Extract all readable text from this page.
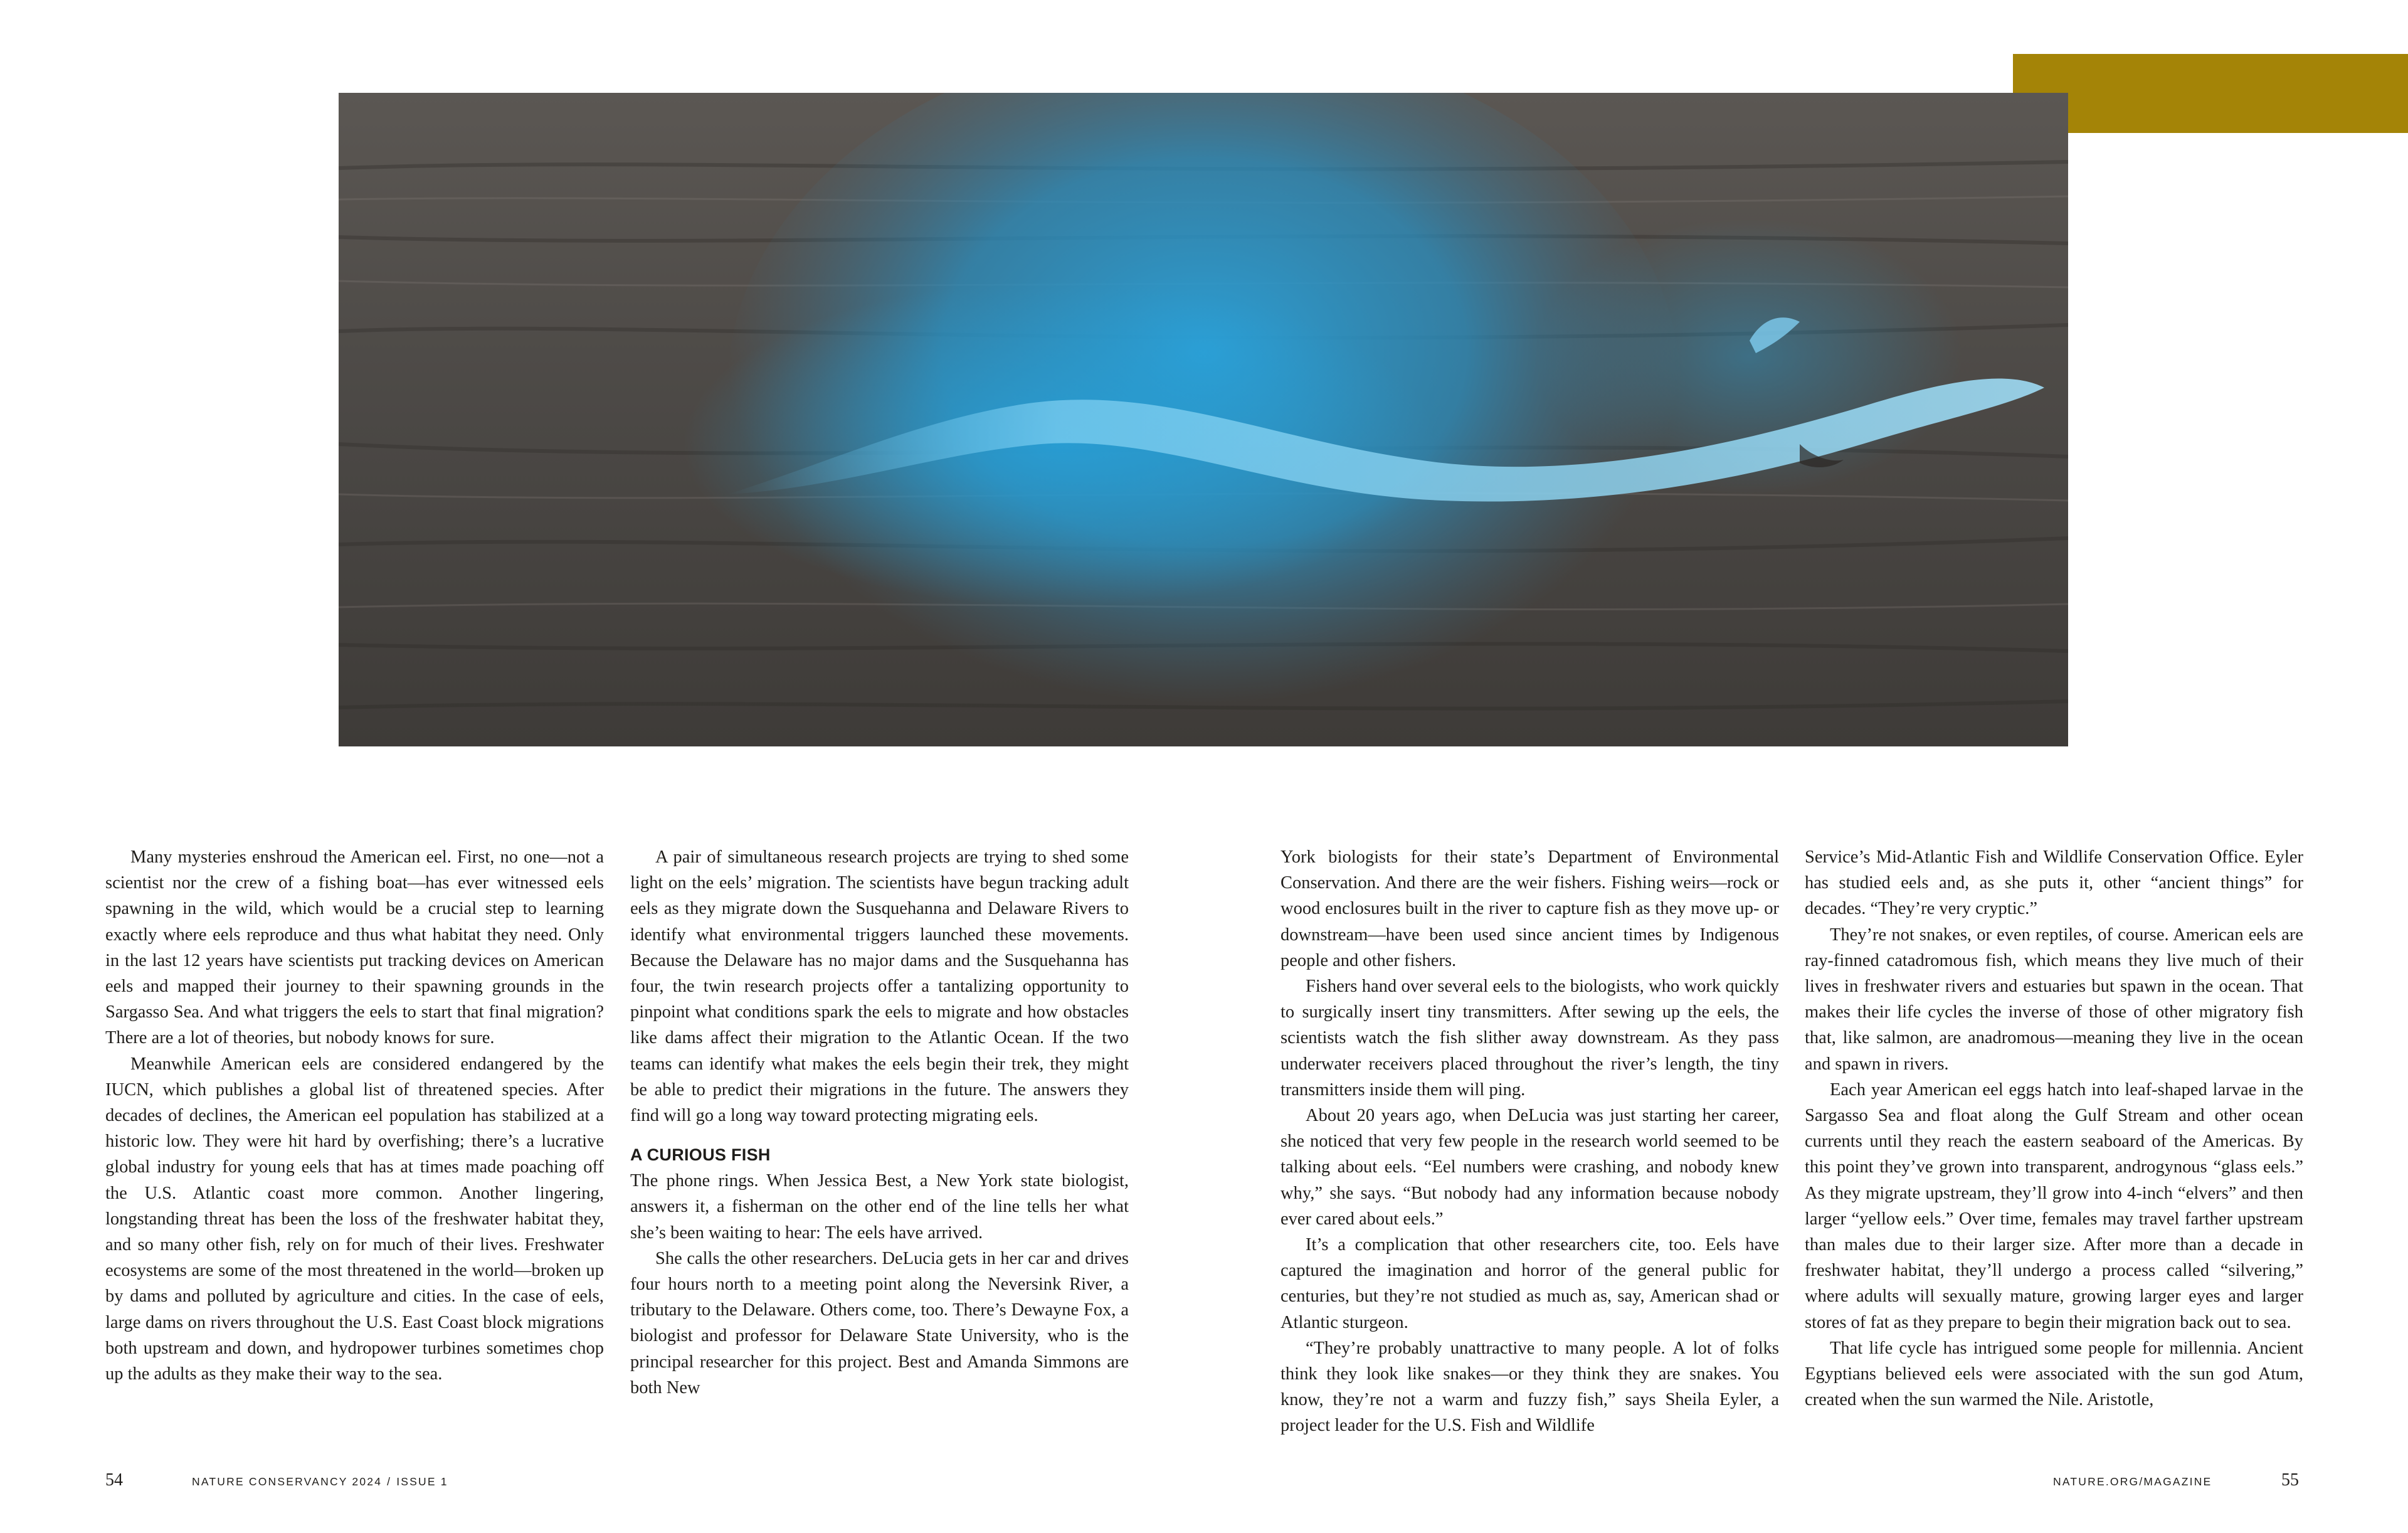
Many mysteries enshroud the American eel. First, no one—not a scientist nor the crew of a fishing boat—has ever witnessed eels spawning in the wild, which would be a crucial step to learning exactly where eels reproduce and thus what habitat they need. Only in the last 12 years have scientists put tracking devices on American eels and mapped their journey to their spawning grounds in the Sargasso Sea. And what triggers the eels to start that final migration? There are a lot of theories, but nobody knows for sure.

Meanwhile American eels are considered endangered by the IUCN, which publishes a global list of threatened species. After decades of declines, the American eel population has stabilized at a historic low. They were hit hard by overfishing; there’s a lucrative global industry for young eels that has at times made poaching off the U.S. Atlantic coast more common. Another lingering, longstanding threat has been the loss of the freshwater habitat they, and so many other fish, rely on for much of their lives. Freshwater ecosystems are some of the most threatened in the world—broken up by dams and polluted by agriculture and cities. In the case of eels, large dams on rivers throughout the U.S. East Coast block migrations both upstream and down, and hydropower turbines sometimes chop up the adults as they make their way to the sea.

A pair of simultaneous research projects are trying to shed some light on the eels’ migration. The scientists have begun tracking adult eels as they migrate down the Susquehanna and Delaware Rivers to identify what environmental triggers launched these movements. Because the Delaware has no major dams and the Susquehanna has four, the twin research projects offer a tantalizing opportunity to pinpoint what conditions spark the eels to migrate and how obstacles like dams affect their migration to the Atlantic Ocean. If the two teams can identify what makes the eels begin their trek, they might be able to predict their migrations in the future. The answers they find will go a long way toward protecting migrating eels.

A CURIOUS FISH

The phone rings. When Jessica Best, a New York state biologist, answers it, a fisherman on the other end of the line tells her what she’s been waiting to hear: The eels have arrived.

She calls the other researchers. DeLucia gets in her car and drives four hours north to a meeting point along the Neversink River, a tributary to the Delaware. Others come, too. There’s Dewayne Fox, a biologist and professor for Delaware State University, who is the principal researcher for this project. Best and Amanda Simmons are both New

York biologists for their state’s Department of Environmental Conservation. And there are the weir fishers. Fishing weirs—rock or wood enclosures built in the river to capture fish as they move up- or downstream—have been used since ancient times by Indigenous people and other fishers.

Fishers hand over several eels to the biologists, who work quickly to surgically insert tiny transmitters. After sewing up the eels, the scientists watch the fish slither away downstream. As they pass underwater receivers placed throughout the river’s length, the tiny transmitters inside them will ping.

About 20 years ago, when DeLucia was just starting her career, she noticed that very few people in the research world seemed to be talking about eels. “Eel numbers were crashing, and nobody knew why,” she says. “But nobody had any information because nobody ever cared about eels.”

It’s a complication that other researchers cite, too. Eels have captured the imagination and horror of the general public for centuries, but they’re not studied as much as, say, American shad or Atlantic sturgeon.

“They’re probably unattractive to many people. A lot of folks think they look like snakes—or they think they are snakes. You know, they’re not a warm and fuzzy fish,” says Sheila Eyler, a project leader for the U.S. Fish and Wildlife

Service’s Mid-Atlantic Fish and Wildlife Conservation Office. Eyler has studied eels and, as she puts it, other “ancient things” for decades. “They’re very cryptic.”

They’re not snakes, or even reptiles, of course. American eels are ray-finned catadromous fish, which means they live much of their lives in freshwater rivers and estuaries but spawn in the ocean. That makes their life cycles the inverse of those of other migratory fish that, like salmon, are anadromous—meaning they live in the ocean and spawn in rivers.

Each year American eel eggs hatch into leaf-shaped larvae in the Sargasso Sea and float along the Gulf Stream and other ocean currents until they reach the eastern seaboard of the Americas. By this point they’ve grown into transparent, androgynous “glass eels.” As they migrate upstream, they’ll grow into 4-inch “elvers” and then larger “yellow eels.” Over time, females may travel farther upstream than males due to their larger size. After more than a decade in freshwater habitat, they’ll undergo a process called “silvering,” where adults will sexually mature, growing larger eyes and larger stores of fat as they prepare to begin their migration back out to sea.

That life cycle has intrigued some people for millennia. Ancient Egyptians believed eels were associated with the sun god Atum, created when the sun warmed the Nile. Aristotle,

54	NATURE CONSERVANCY 2024 / ISSUE 1	NATURE.ORG/MAGAZINE	55
